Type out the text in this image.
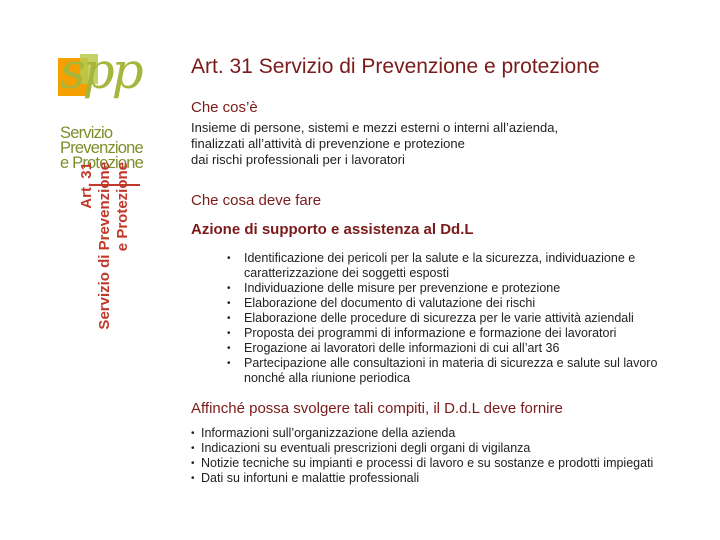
spp
Servizio
Prevenzione
e Protezione
Art. 31 Servizio di Prevenzione e Protezione
Art. 31 Servizio di Prevenzione e protezione
Che cos’è
Insieme di persone, sistemi e mezzi esterni o interni all’azienda,
finalizzati all’attività di prevenzione e protezione
dai rischi professionali per i lavoratori
Che cosa deve fare
Azione di supporto e assistenza al Dd.L
• Identificazione dei pericoli per la salute e la sicurezza, individuazione e caratterizzazione dei soggetti esposti
• Individuazione delle misure per prevenzione e protezione
• Elaborazione del documento di valutazione dei rischi
• Elaborazione delle procedure di sicurezza per le varie attività aziendali
• Proposta dei programmi di informazione e formazione dei lavoratori
• Erogazione ai lavoratori delle informazioni di cui all’art 36
• Partecipazione alle consultazioni in materia di sicurezza e salute sul lavoro nonché alla riunione periodica
Affinché possa svolgere tali compiti, il D.d.L deve fornire
• Informazioni sull’organizzazione della azienda
• Indicazioni su eventuali prescrizioni degli organi di vigilanza
• Notizie tecniche su impianti e processi di lavoro e su sostanze e prodotti impiegati
• Dati su infortuni e malattie professionali
